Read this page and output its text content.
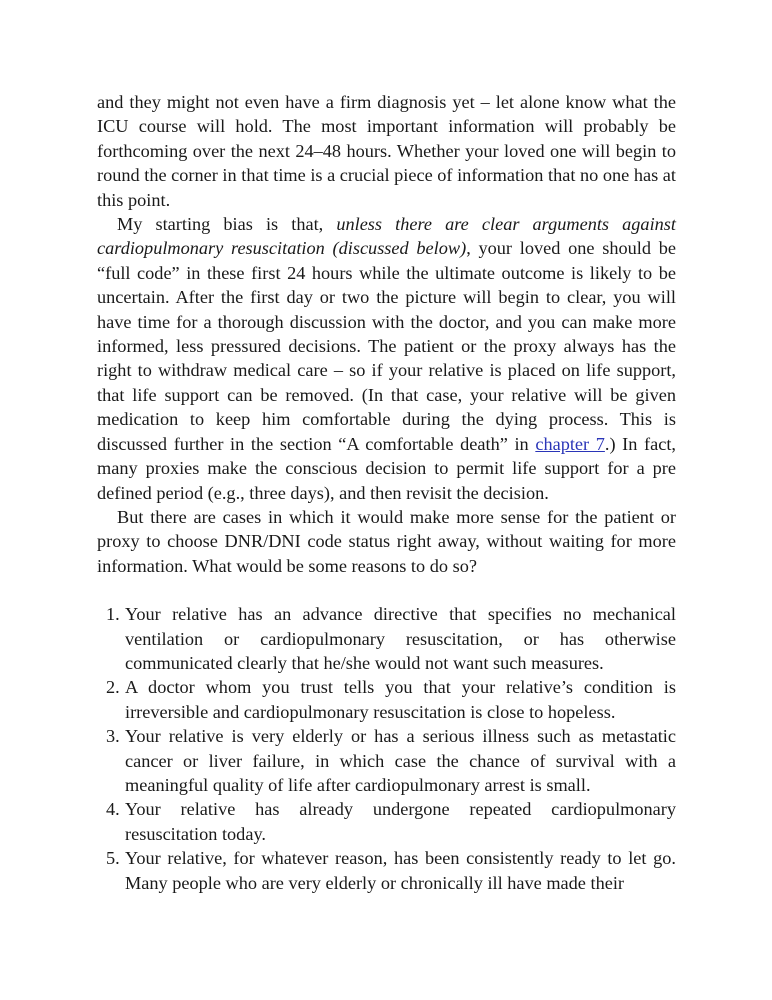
and they might not even have a firm diagnosis yet – let alone know what the ICU course will hold. The most important information will probably be forthcoming over the next 24–48 hours. Whether your loved one will begin to round the corner in that time is a crucial piece of information that no one has at this point.

My starting bias is that, unless there are clear arguments against cardiopulmonary resuscitation (discussed below), your loved one should be “full code” in these first 24 hours while the ultimate outcome is likely to be uncertain. After the first day or two the picture will begin to clear, you will have time for a thorough discussion with the doctor, and you can make more informed, less pressured decisions. The patient or the proxy always has the right to withdraw medical care – so if your relative is placed on life support, that life support can be removed. (In that case, your relative will be given medication to keep him comfortable during the dying process. This is discussed further in the section “A comfortable death” in chapter 7.) In fact, many proxies make the conscious decision to permit life support for a pre defined period (e.g., three days), and then revisit the decision.

But there are cases in which it would make more sense for the patient or proxy to choose DNR/DNI code status right away, without waiting for more information. What would be some reasons to do so?

1. Your relative has an advance directive that specifies no mechanical ventilation or cardiopulmonary resuscitation, or has otherwise communicated clearly that he/she would not want such measures.
2. A doctor whom you trust tells you that your relative’s condition is irreversible and cardiopulmonary resuscitation is close to hopeless.
3. Your relative is very elderly or has a serious illness such as metastatic cancer or liver failure, in which case the chance of survival with a meaningful quality of life after cardiopulmonary arrest is small.
4. Your relative has already undergone repeated cardiopulmonary resuscitation today.
5. Your relative, for whatever reason, has been consistently ready to let go. Many people who are very elderly or chronically ill have made their
